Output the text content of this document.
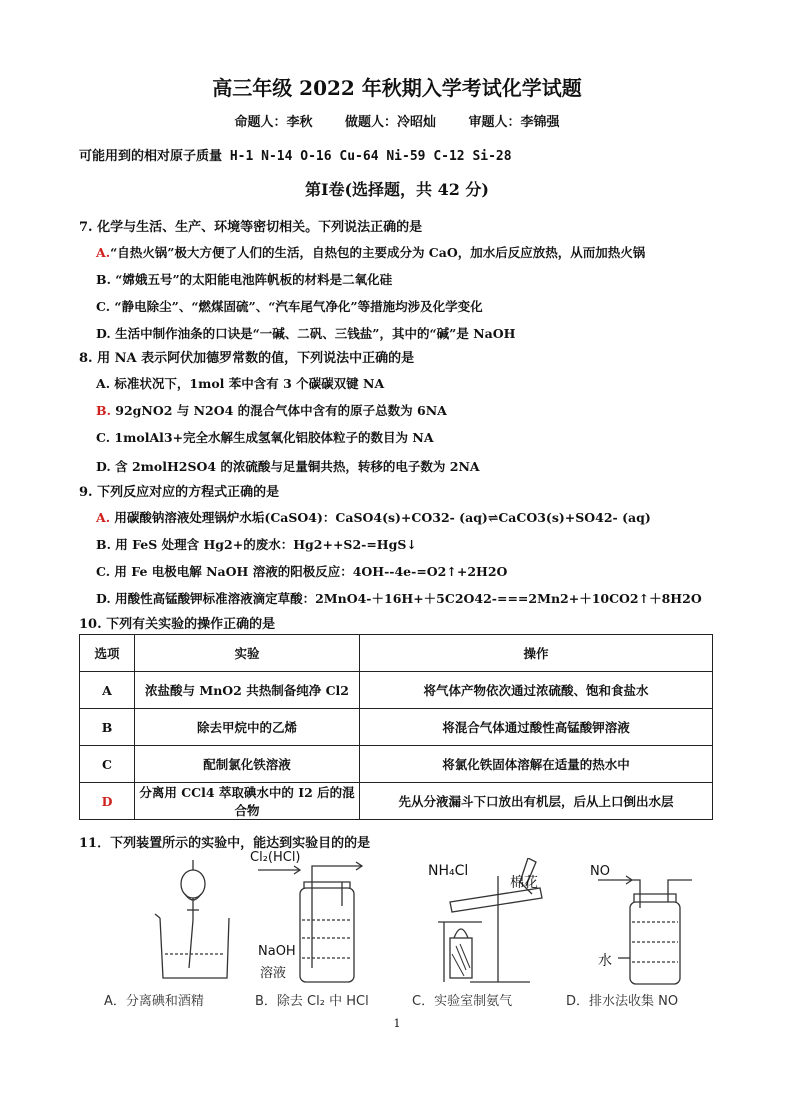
高三年级 2022 年秋期入学考试化学试题
命题人：李秋	做题人：冷昭灿	审题人：李锦强
可能用到的相对原子质量 H-1 N-14 O-16 Cu-64 Ni-59 C-12 Si-28
第Ⅰ卷(选择题，共 42 分)
7. 化学与生活、生产、环境等密切相关。下列说法正确的是
A.“自热火锅”极大方便了人们的生活，自热包的主要成分为 CaO，加水后反应放热，从而加热火锅
B. “嫦娥五号”的太阳能电池阵帆板的材料是二氧化硅
C. “静电除尘”、“燃煤固硫”、“汽车尾气净化”等措施均涉及化学变化
D. 生活中制作油条的口诀是“一碱、二矾、三钱盐”，其中的“碱”是 NaOH
8. 用 NA 表示阿伏加德罗常数的值，下列说法中正确的是
A. 标准状况下，1mol 苯中含有 3 个碳碳双键 NA
B. 92gNO2 与 N2O4 的混合气体中含有的原子总数为 6NA
C. 1molAl3+完全水解生成氢氧化铝胶体粒子的数目为 NA
D. 含 2molH2SO4 的浓硫酸与足量铜共热，转移的电子数为 2NA
9. 下列反应对应的方程式正确的是
A. 用碳酸钠溶液处理锅炉水垢(CaSO4)：CaSO4(s)+CO32- (aq)⇌CaCO3(s)+SO42- (aq)
B. 用 FeS 处理含 Hg2+的废水：Hg2++S2-=HgS↓
C. 用 Fe 电极电解 NaOH 溶液的阳极反应：4OH--4e-=O2↑+2H2O
D. 用酸性高锰酸钾标准溶液滴定草酸：2MnO4-＋16H+＋5C2O42-===2Mn2+＋10CO2↑＋8H2O
10. 下列有关实验的操作正确的是
选项	实验	操作
A	浓盐酸与 MnO2 共热制备纯净 Cl2	将气体产物依次通过浓硫酸、饱和食盐水
B	除去甲烷中的乙烯	将混合气体通过酸性高锰酸钾溶液
C	配制氯化铁溶液	将氯化铁固体溶解在适量的热水中
D	分离用 CCl4 萃取碘水中的 I2 后的混合物	先从分液漏斗下口放出有机层，后从上口倒出水层
11．下列装置所示的实验中，能达到实验目的的是
A．分离碘和酒精
Cl₂(HCl)
NaOH
溶液
B．除去 Cl₂ 中 HCl
NH₄Cl
棉花
C．实验室制氨气
NO
水
D．排水法收集 NO
1
